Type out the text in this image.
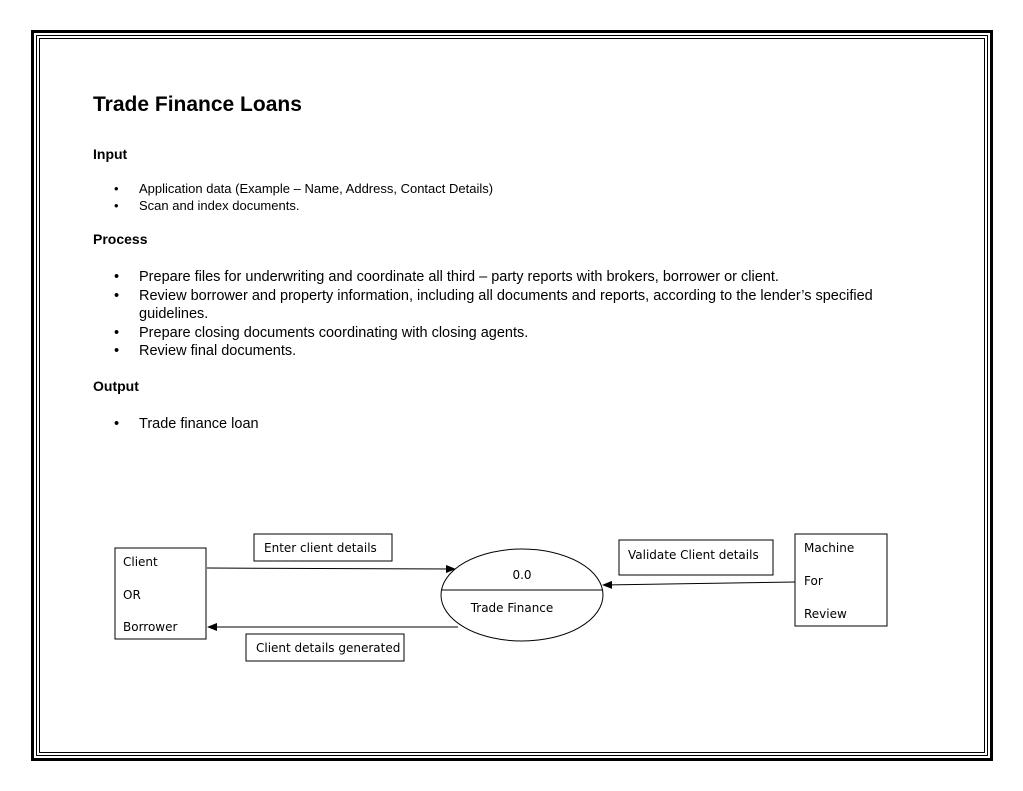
Trade Finance Loans
Input
• Application data (Example – Name, Address, Contact Details)
• Scan and index documents.
Process
• Prepare files for underwriting and coordinate all third – party reports with brokers, borrower or client.
• Review borrower and property information, including all documents and reports, according to the lender’s specified guidelines.
• Prepare closing documents coordinating with closing agents.
• Review final documents.
Output
• Trade finance loan
Client
OR
Borrower
Machine
For
Review
0.0
Trade Finance
Enter client details
Client details generated
Validate Client details
